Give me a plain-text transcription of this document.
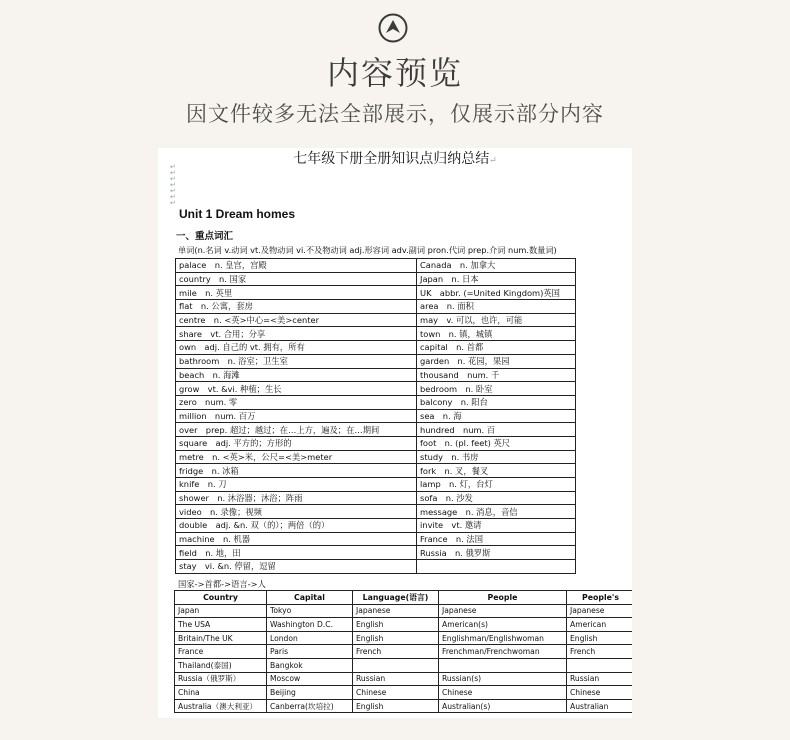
内容预览
因文件较多无法全部展示，仅展示部分内容
七年级下册全册知识点归纳总结↵
↵
↵
↵
↵
↵
↵
↵
Unit 1 Dream homes
一、重点词汇
单词(n.名词 v.动词 vt.及物动词 vi.不及物动词 adj.形容词 adv.副词 pron.代词 prep.介词 num.数量词)
palace　n. 皇宫，宫殿	Canada　n. 加拿大
country　n. 国家	Japan　n. 日本
mile　n. 英里	UK　abbr. (=United Kingdom)英国
flat　n. 公寓，套房	area　n. 面积
centre　n. <英>中心=<美>center	may　v. 可以，也许，可能
share　vt. 合用；分享	town　n. 镇，城镇
own　adj. 自己的 vt. 拥有，所有	capital　n. 首都
bathroom　n. 浴室；卫生室	garden　n. 花园，果园
beach　n. 海滩	thousand　num. 千
grow　vt. &vi. 种植；生长	bedroom　n. 卧室
zero　num. 零	balcony　n. 阳台
million　num. 百万	sea　n. 海
over　prep. 超过；越过；在…上方，遍及；在…期间	hundred　num. 百
square　adj. 平方的；方形的	foot　n. (pl. feet) 英尺
metre　n. <英>米，公尺=<美>meter	study　n. 书房
fridge　n. 冰箱	fork　n. 叉，餐叉
knife　n. 刀	lamp　n. 灯，台灯
shower　n. 沐浴器；沐浴；阵雨	sofa　n. 沙发
video　n. 录像；视频	message　n. 消息，音信
double　adj. &n. 双（的）；两倍（的）	invite　vt. 邀请
machine　n. 机器	France　n. 法国
field　n. 地，田	Russia　n. 俄罗斯
stay　vi. &n. 停留，逗留	
国家->首都->语言->人
Country	Capital	Language(语言)	People	People's
Japan	Tokyo	Japanese	Japanese	Japanese
The USA	Washington D.C.	English	American(s)	American
Britain/The UK	London	English	Englishman/Englishwoman	English
France	Paris	French	Frenchman/Frenchwoman	French
Thailand(泰国)	Bangkok			
Russia（俄罗斯）	Moscow	Russian	Russian(s)	Russian
China	Beijing	Chinese	Chinese	Chinese
Australia（澳大利亚）	Canberra(坎培拉)	English	Australian(s)	Australian
